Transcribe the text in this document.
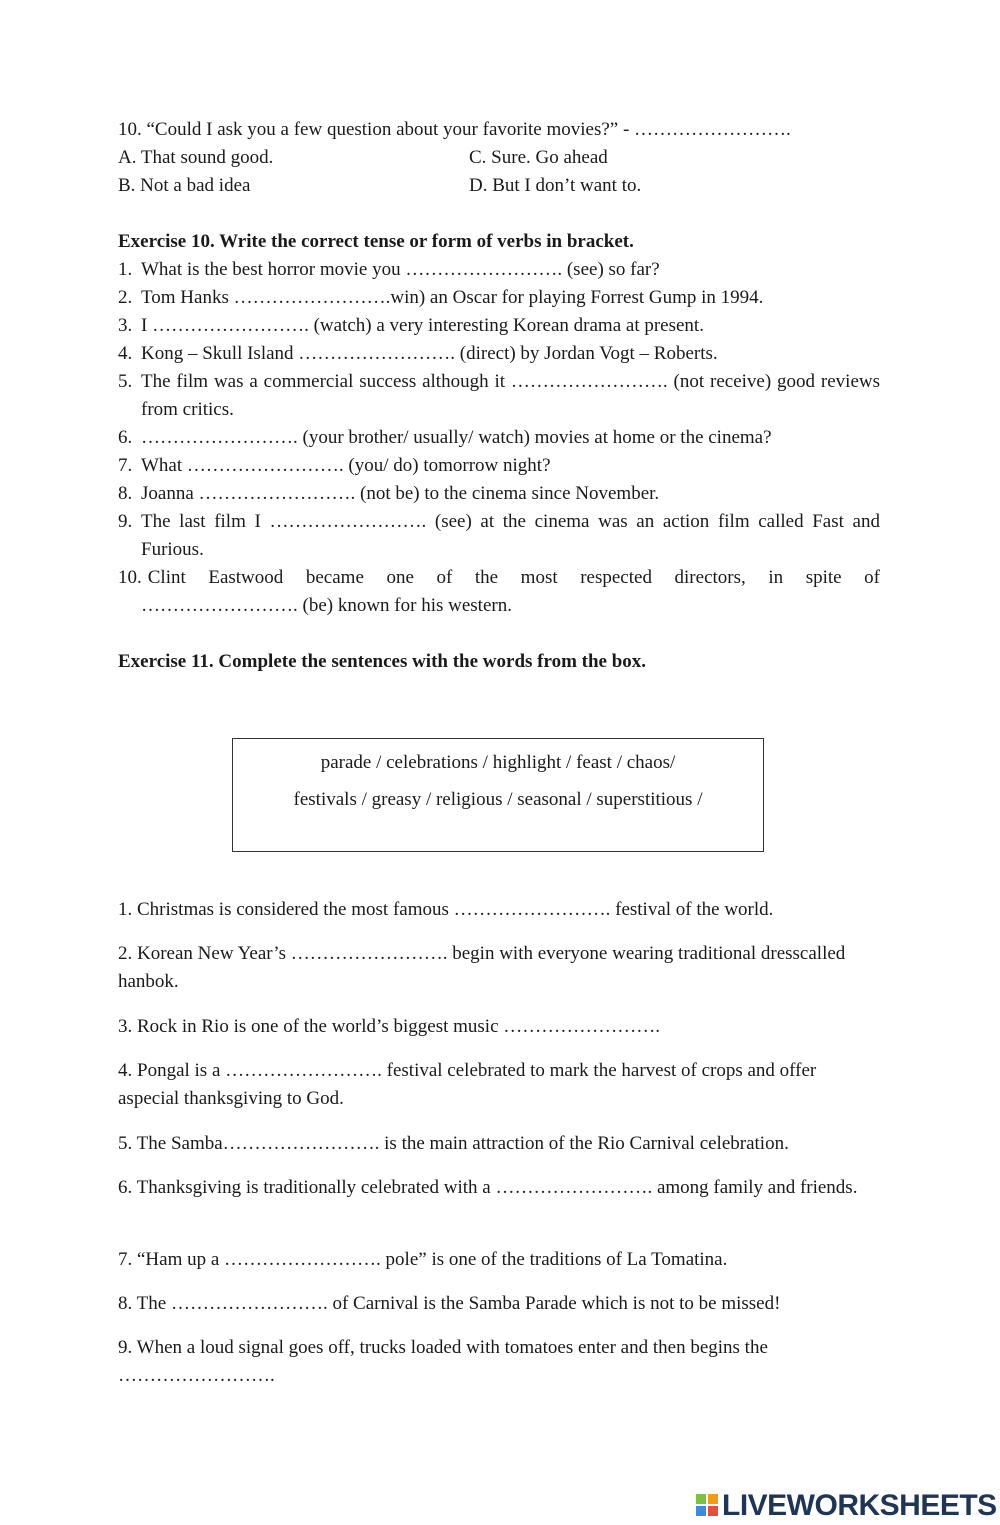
10. “Could I ask you a few question about your favorite movies?” - …………………….
A. That sound good.	C. Sure. Go ahead
B. Not a bad idea	D. But I don’t want to.
Exercise 10. Write the correct tense or form of verbs in bracket.
1. What is the best horror movie you ……………………. (see) so far?
2. Tom Hanks …………………….win) an Oscar for playing Forrest Gump in 1994.
3. I ……………………. (watch) a very interesting Korean drama at present.
4. Kong – Skull Island ……………………. (direct) by Jordan Vogt – Roberts.
5. The film was a commercial success although it ……………………. (not receive) good reviews from critics.
6. ……………………. (your brother/ usually/ watch) movies at home or the cinema?
7. What ……………………. (you/ do) tomorrow night?
8. Joanna ……………………. (not be) to the cinema since November.
9. The last film I ……………………. (see) at the cinema was an action film called Fast and Furious.
10. Clint Eastwood became one of the most respected directors, in spite of
……………………. (be) known for his western.
Exercise 11. Complete the sentences with the words from the box.
parade / celebrations / highlight / feast / chaos/
festivals / greasy / religious / seasonal / superstitious /
1. Christmas is considered the most famous ……………………. festival of the world.
2. Korean New Year’s ……………………. begin with everyone wearing traditional dresscalled hanbok.
3. Rock in Rio is one of the world’s biggest music …………………….
4. Pongal is a ……………………. festival celebrated to mark the harvest of crops and offer aspecial thanksgiving to God.
5. The Samba……………………. is the main attraction of the Rio Carnival celebration.
6. Thanksgiving is traditionally celebrated with a ……………………. among family and friends.
7. “Ham up a ……………………. pole” is one of the traditions of La Tomatina.
8. The ……………………. of Carnival is the Samba Parade which is not to be missed!
9. When a loud signal goes off, trucks loaded with tomatoes enter and then begins the …………………….
LIVEWORKSHEETS
